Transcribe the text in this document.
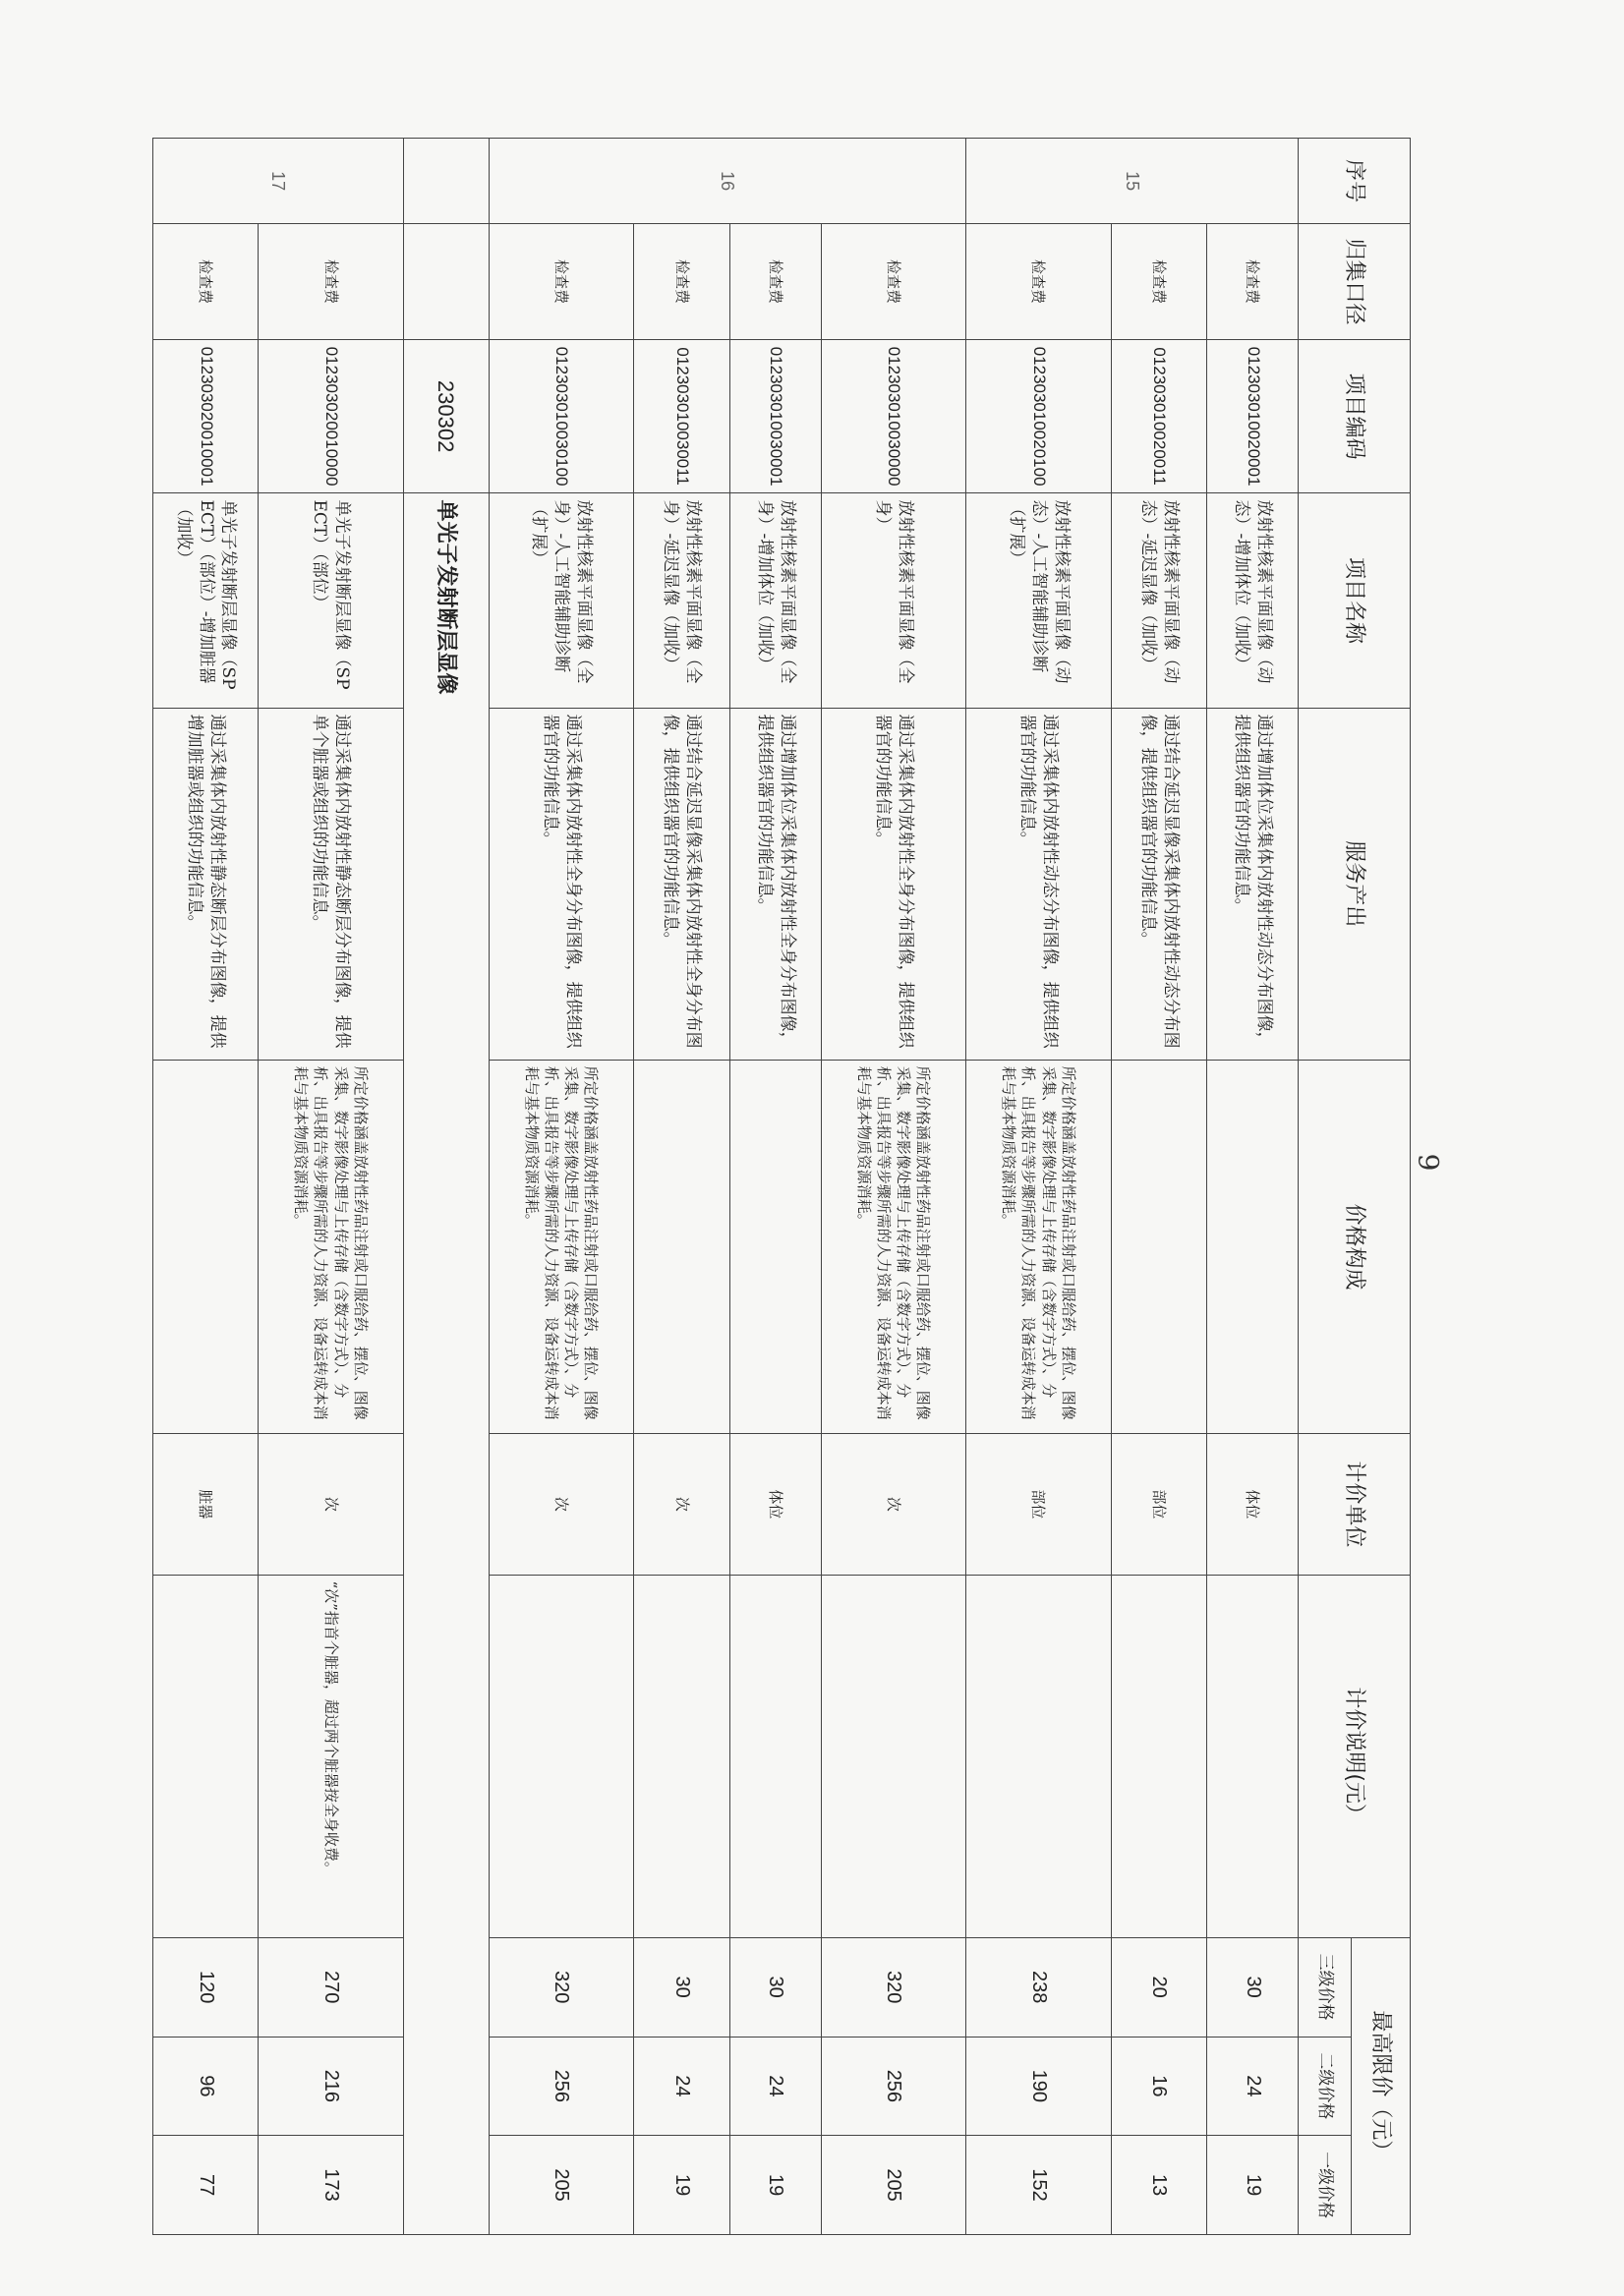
序号	归集口径	项目编码	项目名称	服务产出	价格构成	计价单位	计价说明(元）	最高限价（元）		
								三级价格	二级价格	一级价格
15	检查费	012303010020001	放射性核素平面显像（动态）-增加体位（加收）	通过增加体位采集体内放射性动态分布图像，提供组织器官的功能信息。		体位		30	24	19
	检查费	012303010020011	放射性核素平面显像（动态）-延迟显像（加收）	通过结合延迟显像采集体内放射性动态分布图像，提供组织器官的功能信息。		部位		20	16	13
	检查费	012303010020100	放射性核素平面显像（动态）-人工智能辅助诊断（扩展）	通过采集体内放射性动态分布图像，提供组织器官的功能信息。	所定价格涵盖放射性药品注射或口服给药、摆位、图像采集、数字影像处理与上传存储（含数字方式）、分析、出具报告等步骤所需的人力资源、设备运转成本消耗与基本物质资源消耗。	部位		238	190	152
16	检查费	012303010030000	放射性核素平面显像（全身）	通过采集体内放射性全身分布图像，提供组织器官的功能信息。	所定价格涵盖放射性药品注射或口服给药、摆位、图像采集、数字影像处理与上传存储（含数字方式）、分析、出具报告等步骤所需的人力资源、设备运转成本消耗与基本物质资源消耗。	次		320	256	205
	检查费	012303010030001	放射性核素平面显像（全身）-增加体位（加收）	通过增加体位采集体内放射性全身分布图像，提供组织器官的功能信息。		体位		30	24	19
	检查费	012303010030011	放射性核素平面显像（全身）-延迟显像（加收）	通过结合延迟显像采集体内放射性全身分布图像，提供组织器官的功能信息。		次		30	24	19
	检查费	012303010030100	放射性核素平面显像（全身）-人工智能辅助诊断（扩展）	通过采集体内放射性全身分布图像，提供组织器官的功能信息。	所定价格涵盖放射性药品注射或口服给药、摆位、图像采集、数字影像处理与上传存储（含数字方式）、分析、出具报告等步骤所需的人力资源、设备运转成本消耗与基本物质资源消耗。	次		320	256	205
		230302	单光子发射断层显像							
17	检查费	012303020010000	单光子发射断层显像（SPECT）（部位）	通过采集体内放射性静态断层分布图像，提供单个脏器或组织的功能信息。	所定价格涵盖放射性药品注射或口服给药、摆位、图像采集、数字影像处理与上传存储（含数字方式）、分析、出具报告等步骤所需的人力资源、设备运转成本消耗与基本物质资源消耗。	次	“次”指首个脏器，超过两个脏器按全身收费。	270	216	173
	检查费	012303020010001	单光子发射断层显像（SPECT）（部位）-增加脏器（加收）	通过采集体内放射性静态断层分布图像，提供增加脏器或组织的功能信息。		脏器		120	96	77
9
